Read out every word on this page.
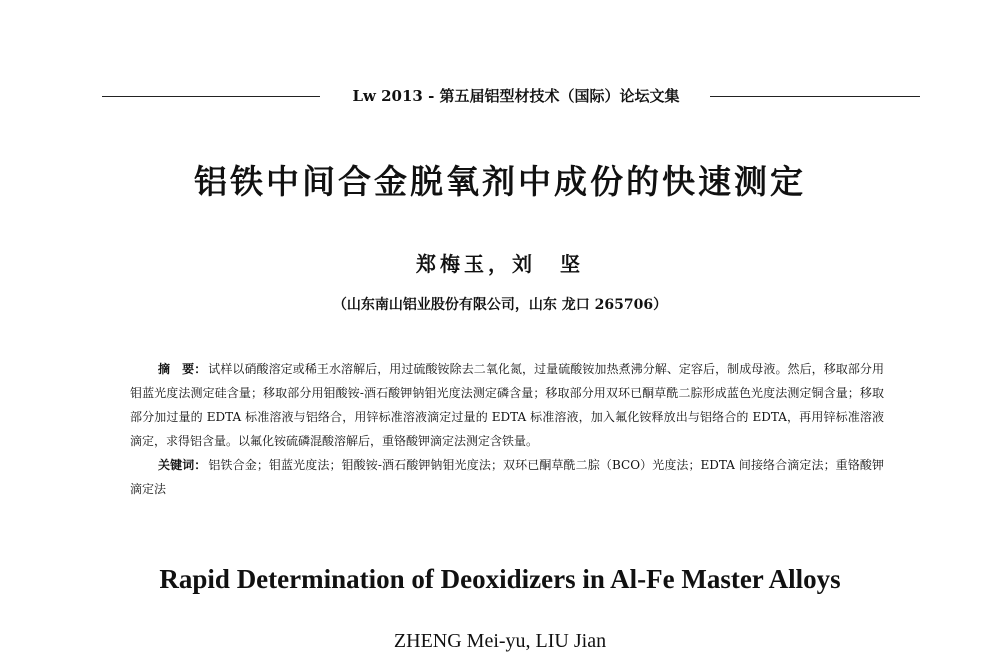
Lw 2013 - 第五届铝型材技术（国际）论坛文集
铝铁中间合金脱氧剂中成份的快速测定
郑梅玉，刘　坚
（山东南山铝业股份有限公司，山东 龙口 265706）

摘　要： 试样以硝酸溶定或稀王水溶解后，用过硫酸铵除去二氧化氮，过量硫酸铵加热煮沸分解、定容后，制成母液。然后，移取部分用钼蓝光度法测定硅含量；移取部分用钼酸铵-酒石酸钾钠钼光度法测定磷含量；移取部分用双环已酮草酰二腙形成蓝色光度法测定铜含量；移取部分加过量的 EDTA 标准溶液与铝络合，用锌标准溶液滴定过量的 EDTA 标准溶液，加入氟化铵释放出与铝络合的 EDTA，再用锌标准溶液滴定，求得铝含量。以氟化铵硫磷混酸溶解后，重铬酸钾滴定法测定含铁量。

关键词： 铝铁合金；钼蓝光度法；钼酸铵-酒石酸钾钠钼光度法；双环已酮草酰二腙（BCO）光度法；EDTA 间接络合滴定法；重铬酸钾滴定法

Rapid Determination of Deoxidizers in Al-Fe Master Alloys
ZHENG Mei-yu, LIU Jian
